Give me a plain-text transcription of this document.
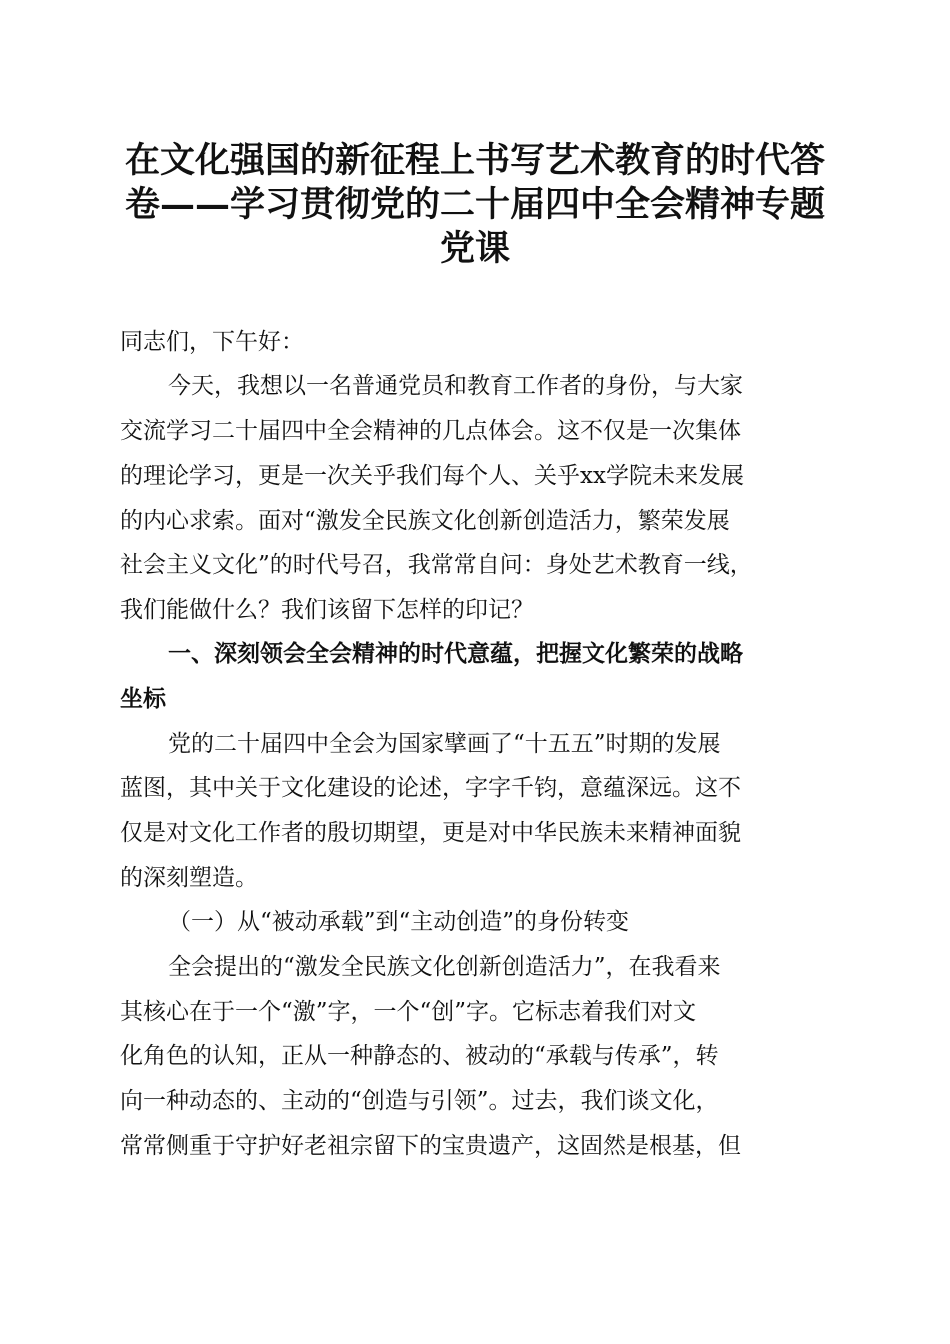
在文化强国的新征程上书写艺术教育的时代答
卷——学习贯彻党的二十届四中全会精神专题
党课
同志们，下午好：
今天，我想以一名普通党员和教育工作者的身份，与大家
交流学习二十届四中全会精神的几点体会。这不仅是一次集体
的理论学习，更是一次关乎我们每个人、关乎xx学院未来发展
的内心求索。面对“激发全民族文化创新创造活力，繁荣发展
社会主义文化”的时代号召，我常常自问：身处艺术教育一线，
我们能做什么？我们该留下怎样的印记？
一、深刻领会全会精神的时代意蕴，把握文化繁荣的战略
坐标
党的二十届四中全会为国家擘画了“十五五”时期的发展
蓝图，其中关于文化建设的论述，字字千钧，意蕴深远。这不
仅是对文化工作者的殷切期望，更是对中华民族未来精神面貌
的深刻塑造。
（一）从“被动承载”到“主动创造”的身份转变
全会提出的“激发全民族文化创新创造活力”，在我看来
其核心在于一个“激”字，一个“创”字。它标志着我们对文
化角色的认知，正从一种静态的、被动的“承载与传承”，转
向一种动态的、主动的“创造与引领”。过去，我们谈文化，
常常侧重于守护好老祖宗留下的宝贵遗产，这固然是根基，但
